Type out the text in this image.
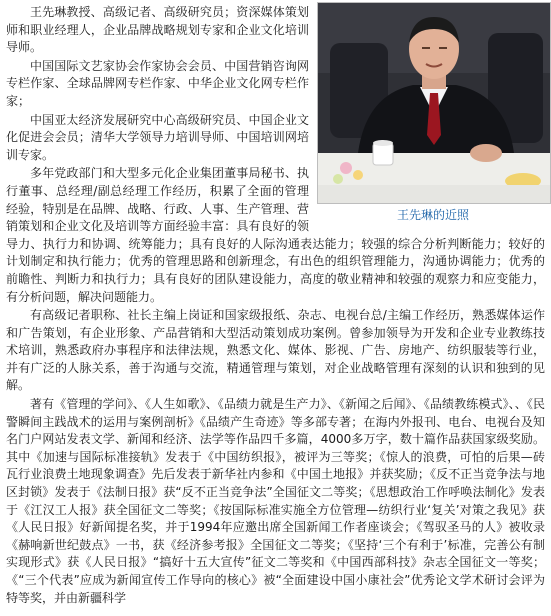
王先琳的近照

王先琳教授、高级记者、高级研究员；资深媒体策划师和职业经理人，企业品牌战略规划专家和企业文化培训导师。

中国国际文艺家协会作家协会会员、中国营销咨询网专栏作家、全球品牌网专栏作家、中华企业文化网专栏作家；

中国亚太经济发展研究中心高级研究员、中国企业文化促进会会员；清华大学领导力培训导师、中国培训网培训专家。

多年党政部门和大型多元化企业集团董事局秘书、执行董事、总经理/副总经理工作经历，积累了全面的管理经验，特别是在品牌、战略、行政、人事、生产管理、营销策划和企业文化及培训等方面经验丰富：具有良好的领导力、执行力和协调、统筹能力；具有良好的人际沟通表达能力；较强的综合分析判断能力；较好的计划制定和执行能力；优秀的管理思路和创新理念，有出色的组织管理能力，沟通协调能力；优秀的前瞻性、判断力和执行力；具有良好的团队建设能力，高度的敬业精神和较强的观察力和应变能力，有分析问题，解决问题能力。

有高级记者职称、社长主编上岗证和国家级报纸、杂志、电视台总/主编工作经历，熟悉媒体运作和广告策划，有企业形象、产品营销和大型活动策划成功案例。曾参加领导为开发和企业专业教练技术培训，熟悉政府办事程序和法律法规，熟悉文化、媒体、影视、广告、房地产、纺织服装等行业，并有广泛的人脉关系，善于沟通与交流，精通管理与策划，对企业战略管理有深刻的认识和独到的见解。

著有《管理的学问》、《人生如歌》、《品绩力就是生产力》、《新闻之后闻》、《品绩教练模式》、、《民警瞬间主践战术的运用与案例剖析》《品绩产生奇迹》等多部专著；在海内外报刊、电台、电视台及知名门户网站发表文学、新闻和经济、法学等作品四千多篇，4000多万字，数十篇作品获国家级奖励。其中《加速与国际标准接轨》发表于《中国纺织报》，被评为三等奖；《惊人的浪费，可怕的后果—砖瓦行业浪费土地现象调查》先后发表于新华社内参和《中国土地报》并获奖励；《反不正当竞争法与地区封锁》发表于《法制日报》获“反不正当竞争法”全国征文二等奖；《思想政治工作呼唤法制化》发表于《江汉工人报》获全国征文二等奖；《按国际标准实施全方位管理—纺织行业‘复关’对策之我见》获《人民日报》好新闻提名奖，并于1994年应邀出席全国新闻工作者座谈会；《驾驭圣马的人》被收录《赫响新世纪鼓点》一书，获《经济参考报》全国征文二等奖；《坚持‘三个有利于’标准，完善公有制实现形式》获《人民日报》“搞好十五大宣传”征文二等奖和《中国西部科技》杂志全国征文一等奖；《“三个代表”应成为新闻宣传工作导向的核心》被“全面建设中国小康社会”优秀论文学术研讨会评为特等奖，并由新疆科学
